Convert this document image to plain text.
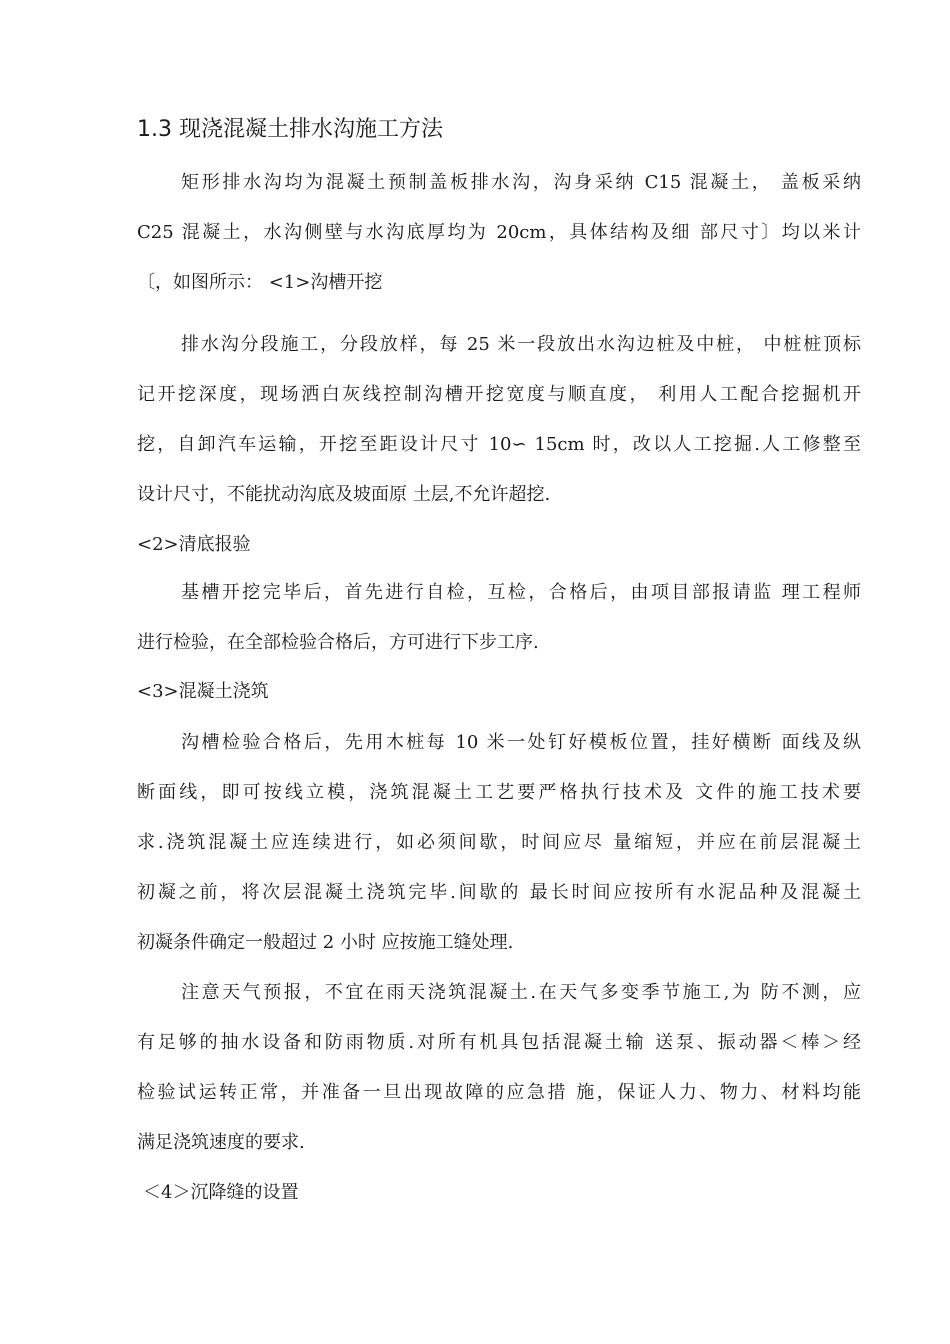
1.3 现浇混凝土排水沟施工方法
矩形排水沟均为混凝土预制盖板排水沟，沟身采纳 C15 混凝土， 盖板采纳
C25 混凝土，水沟侧壁与水沟底厚均为 20cm，具体结构及细 部尺寸〕均以米计
〔，如图所示： <1>沟槽开挖
排水沟分段施工，分段放样，每 25 米一段放出水沟边桩及中桩， 中桩桩顶标
记开挖深度，现场洒白灰线控制沟槽开挖宽度与顺直度， 利用人工配合挖掘机开
挖，自卸汽车运输，开挖至距设计尺寸 10∽ 15cm 时，改以人工挖掘.人工修整至
设计尺寸，不能扰动沟底及坡面原 土层,不允许超挖.
<2>清底报验
基槽开挖完毕后，首先进行自检，互检，合格后，由项目部报请监 理工程师
进行检验，在全部检验合格后，方可进行下步工序.
<3>混凝土浇筑
沟槽检验合格后，先用木桩每 10 米一处钉好模板位置，挂好横断 面线及纵
断面线，即可按线立模，浇筑混凝土工艺要严格执行技术及 文件的施工技术要
求.浇筑混凝土应连续进行，如必须间歇，时间应尽 量缩短，并应在前层混凝土
初凝之前，将次层混凝土浇筑完毕.间歇的 最长时间应按所有水泥品种及混凝土
初凝条件确定一般超过 2 小时 应按施工缝处理.
注意天气预报，不宜在雨天浇筑混凝土.在天气多变季节施工,为 防不测，应
有足够的抽水设备和防雨物质.对所有机具包括混凝土输 送泵、振动器＜棒＞经
检验试运转正常，并准备一旦出现故障的应急措 施，保证人力、物力、材料均能
满足浇筑速度的要求.
＜4＞沉降缝的设置
